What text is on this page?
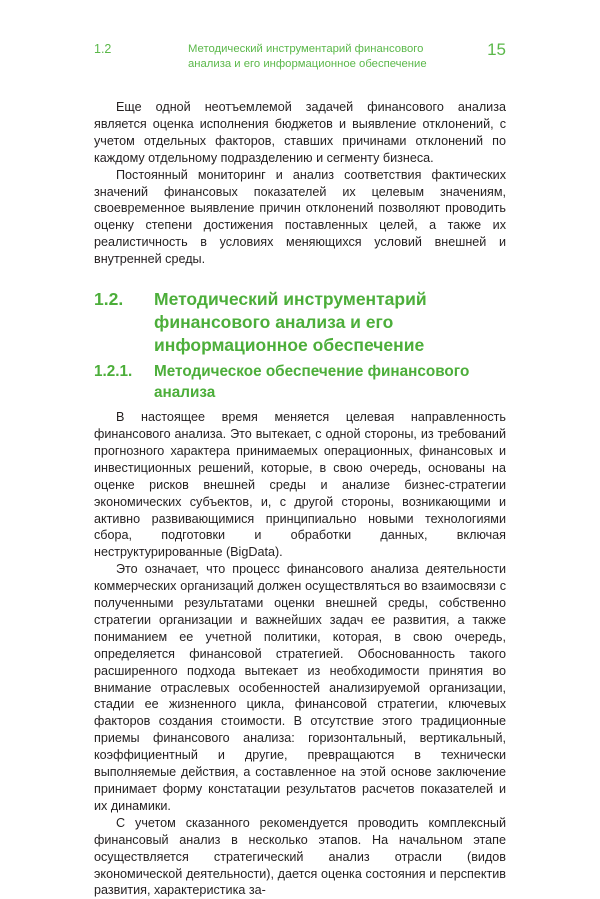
1.2	Методический инструментарий финансового анализа и его информационное обеспечение
15

Еще одной неотъемлемой задачей финансового анализа является оценка исполнения бюджетов и выявление отклонений, с учетом отдельных факторов, ставших причинами отклонений по каждому отдельному подразделению и сегменту бизнеса.

Постоянный мониторинг и анализ соответствия фактических значений финансовых показателей их целевым значениям, своевременное выявление причин отклонений позволяют проводить оценку степени достижения поставленных целей, а также их реалистичность в условиях меняющихся условий внешней и внутренней среды.

1.2.	Методический инструментарий финансового анализа и его информационное обеспечение
1.2.1.	Методическое обеспечение финансового анализа

В настоящее время меняется целевая направленность финансового анализа. Это вытекает, с одной стороны, из требований прогнозного характера принимаемых операционных, финансовых и инвестиционных решений, которые, в свою очередь, основаны на оценке рисков внешней среды и анализе бизнес-стратегии экономических субъектов, и, с другой стороны, возникающими и активно развивающимися принципиально новыми технологиями сбора, подготовки и обработки данных, включая неструктурированные (BigData).

Это означает, что процесс финансового анализа деятельности коммерческих организаций должен осуществляться во взаимосвязи с полученными результатами оценки внешней среды, собственно стратегии организации и важнейших задач ее развития, а также пониманием ее учетной политики, которая, в свою очередь, определяется финансовой стратегией. Обоснованность такого расширенного подхода вытекает из необходимости принятия во внимание отраслевых особенностей анализируемой организации, стадии ее жизненного цикла, финансовой стратегии, ключевых факторов создания стоимости. В отсутствие этого традиционные приемы финансового анализа: горизонтальный, вертикальный, коэффициентный и другие, превращаются в технически выполняемые действия, а составленное на этой основе заключение принимает форму констатации результатов расчетов показателей и их динамики.

С учетом сказанного рекомендуется проводить комплексный финансовый анализ в несколько этапов. На начальном этапе осуществляется стратегический анализ отрасли (видов экономической деятельности), дается оценка состояния и перспектив развития, характеристика за-
